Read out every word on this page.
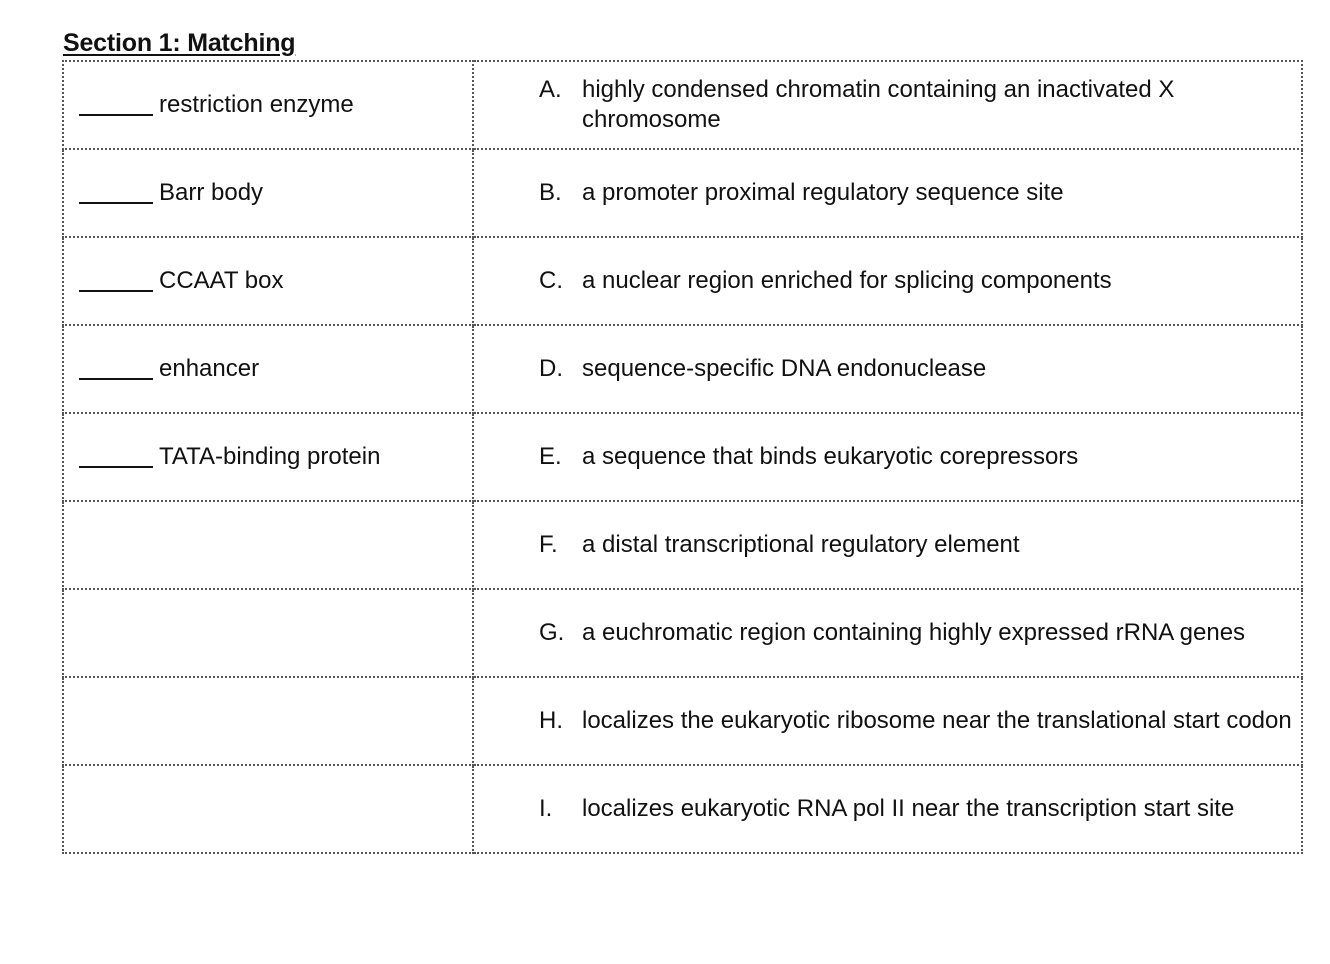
Section 1: Matching
restriction enzyme	A. highly condensed chromatin containing an inactivated X chromosome

Barr body	B. a promoter proximal regulatory sequence site

CCAAT box	C. a nuclear region enriched for splicing components

enhancer	D. sequence-specific DNA endonuclease

TATA-binding protein	E. a sequence that binds eukaryotic corepressors

	F. a distal transcriptional regulatory element

	G. a euchromatic region containing highly expressed rRNA genes

	H. localizes the eukaryotic ribosome near the translational start codon

	I. localizes eukaryotic RNA pol II near the transcription start site
